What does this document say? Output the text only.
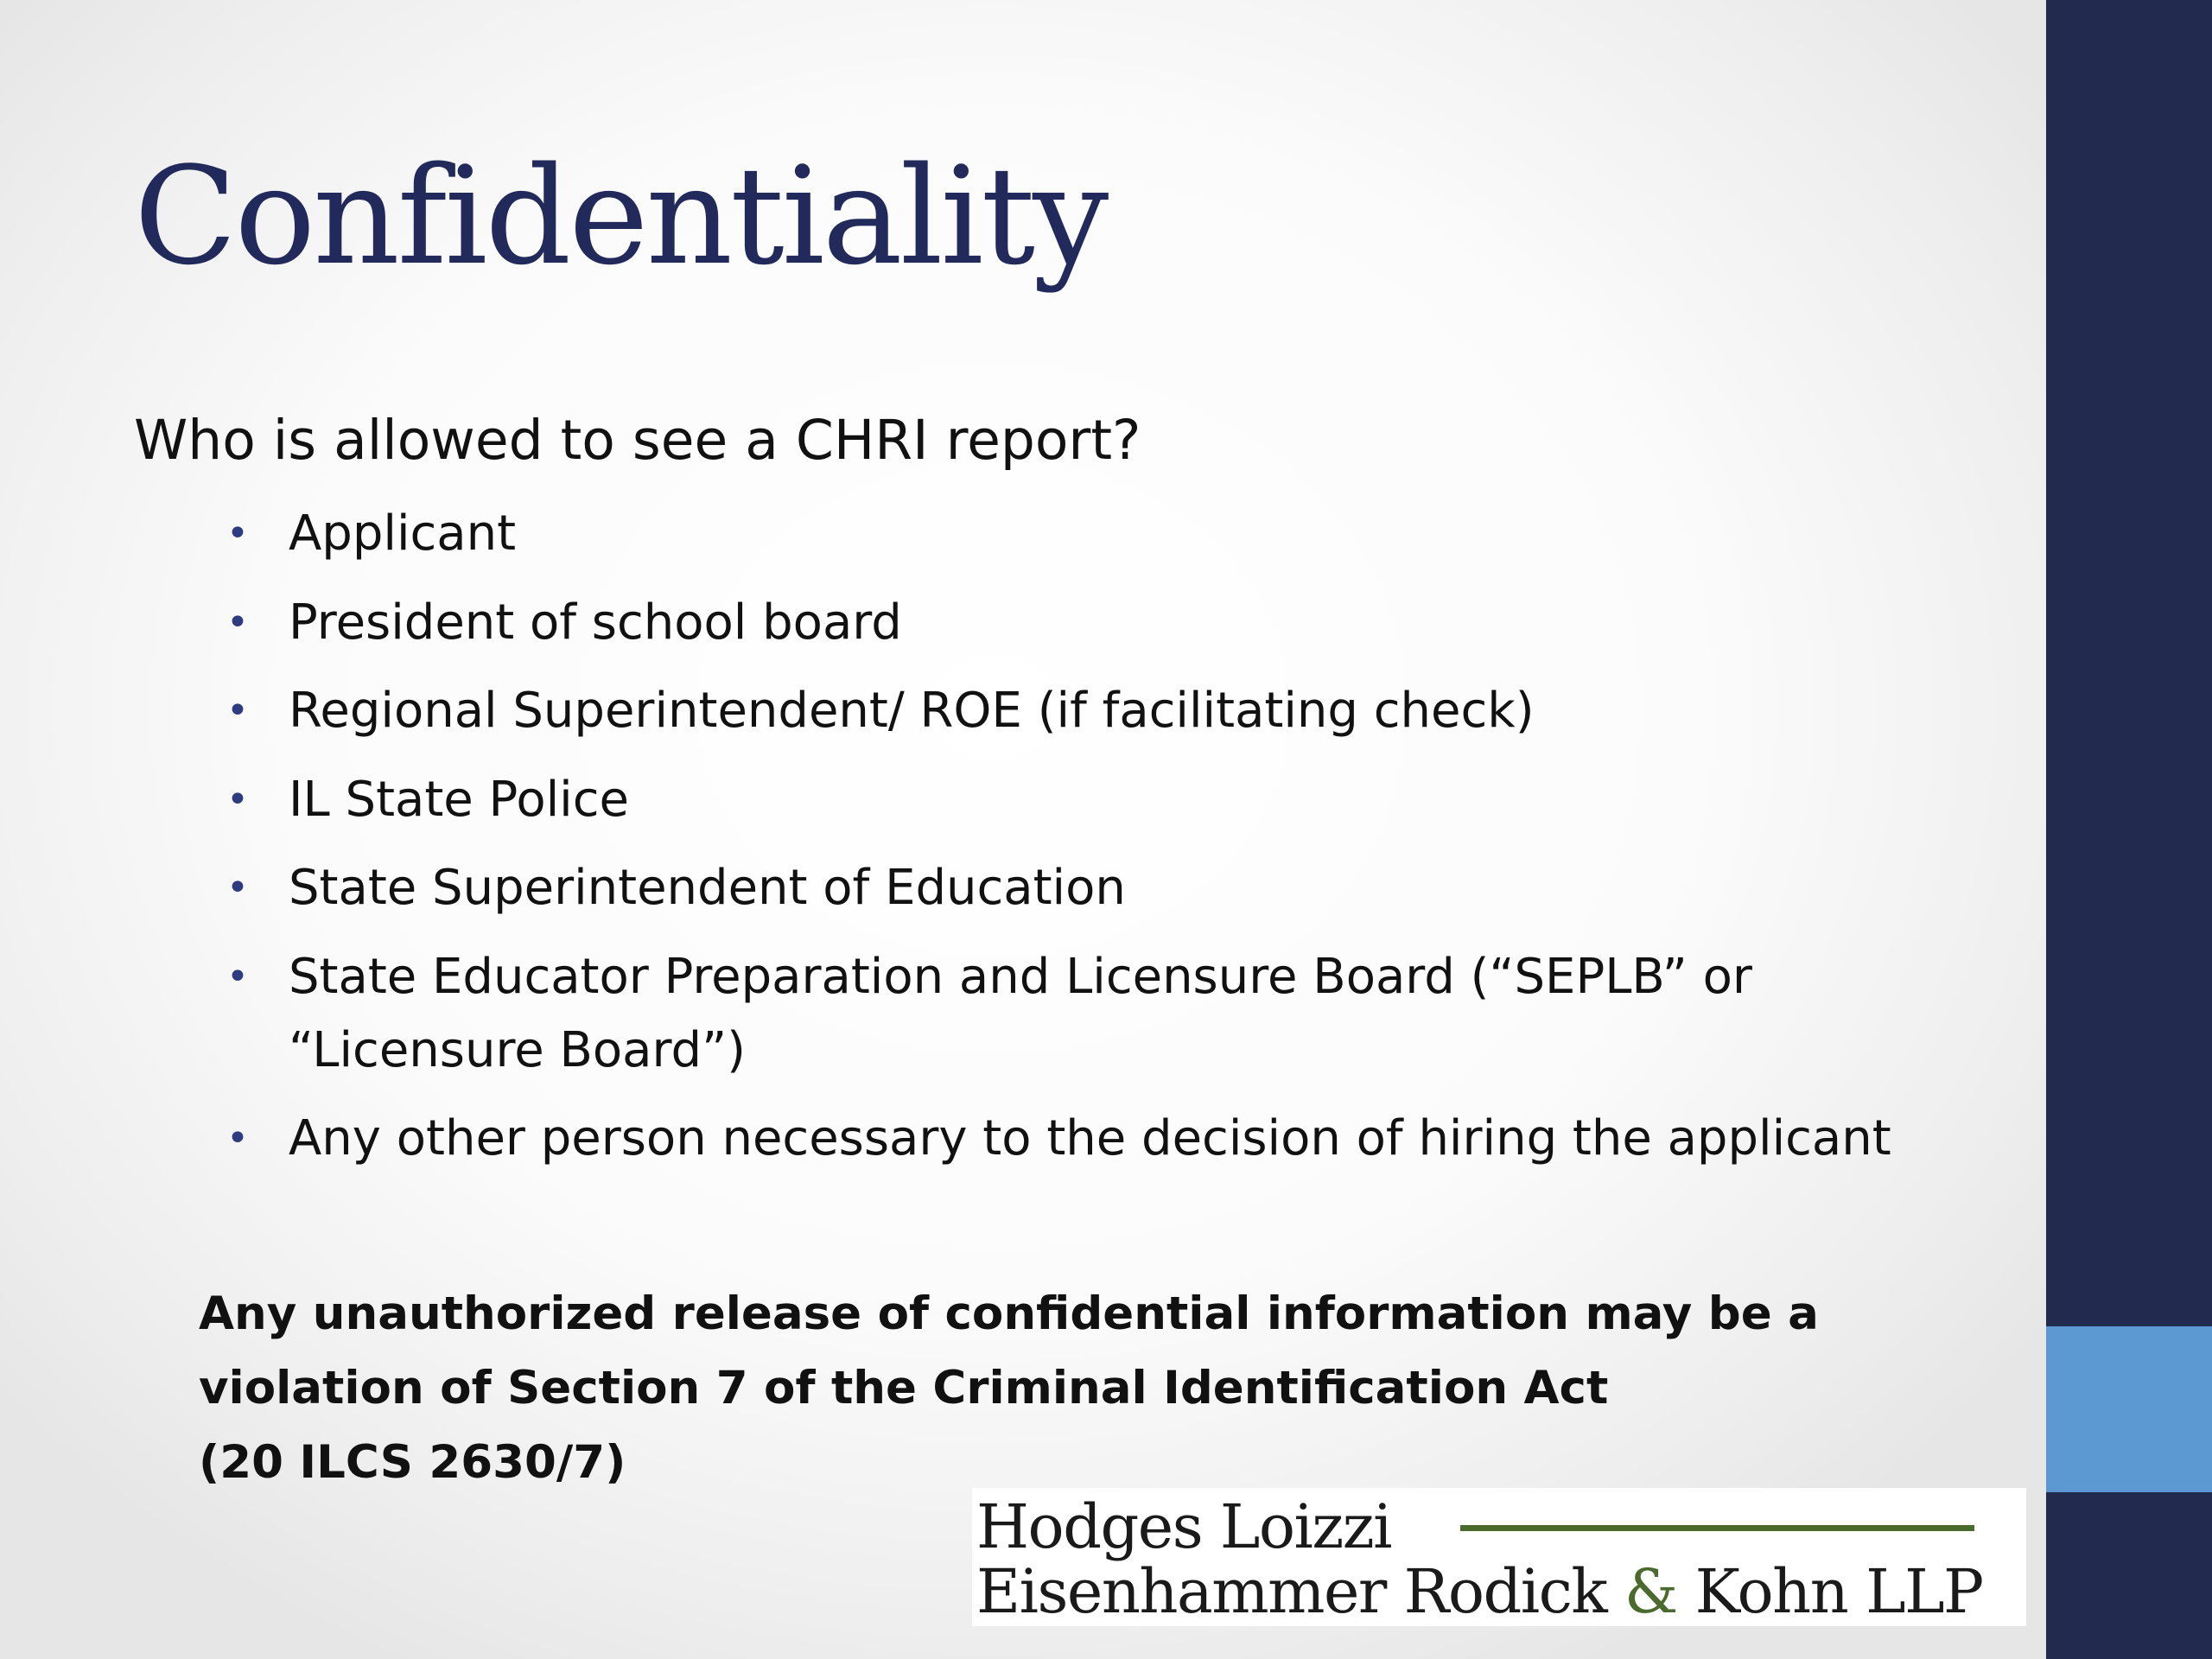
Confidentiality

Who is allowed to see a CHRI report?

• Applicant
• President of school board
• Regional Superintendent/ ROE (if facilitating check)
• IL State Police
• State Superintendent of Education
• State Educator Preparation and Licensure Board (“SEPLB” or
“Licensure Board”)
• Any other person necessary to the decision of hiring the applicant

Any unauthorized release of confidential information may be a
violation of Section 7 of the Criminal Identification Act
(20 ILCS 2630/7)

Hodges Loizzi
Eisenhammer Rodick & Kohn LLP
